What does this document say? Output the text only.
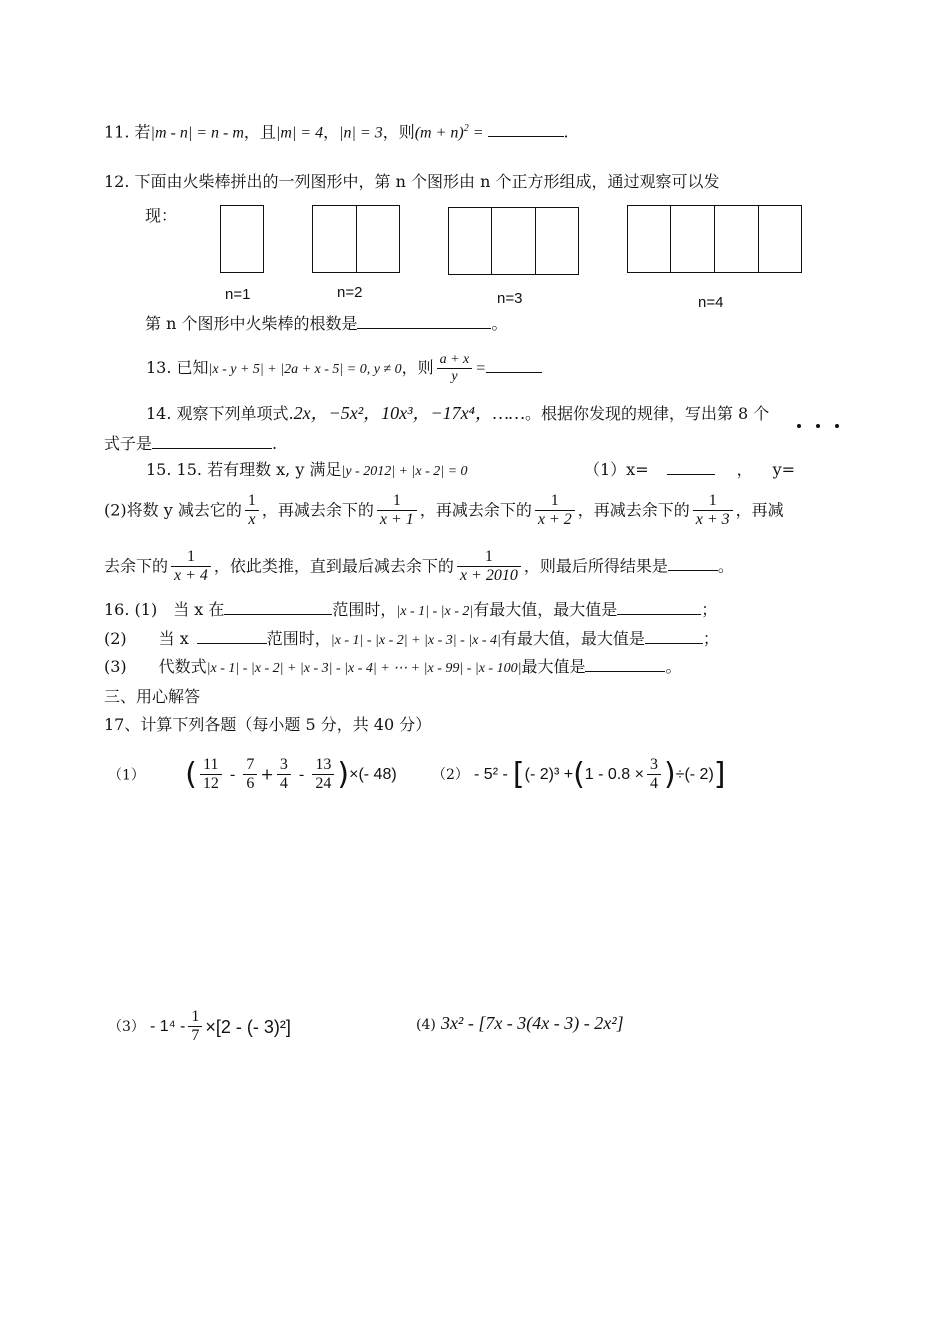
11. 若|m - n| = n - m，且|m| = 4，|n| = 3，则$(m + n)^2$ =	.
12. 下面由火柴棒拼出的一列图形中，第 n 个图形由 n 个正方形组成，通过观察可以发
现：
n=1	n=2	n=3	n=4
第 n 个图形中火柴棒的根数是	。
13. 已知|x - y + 5| + |2a + x - 5| = 0, y ≠ 0，则 $\frac{a + x}{y}$ =
14. 观察下列单项式.2x，−5x²，10x³，−17x⁴，……。根据你发现的规律，写出第 8 个
式子是	.
15. 15. 若有理数 x, y 满足|y - 2012| + |x - 2| = 0	（1）x=	， y=
(2)将数 y 减去它的 $\frac{1}{x}$ ，再减去余下的 $\frac{1}{x + 1}$ ，再减去余下的 $\frac{1}{x + 2}$ ，再减去余下的 $\frac{1}{x + 3}$ ，再减
去余下的 $\frac{1}{x + 4}$ ，依此类推，直到最后减去余下的 $\frac{1}{x + 2010}$ ，则最后所得结果是	。
16. (1)　当 x 在	范围时，|x - 1| - |x - 2|有最大值，最大值是	；
(2)　　当 x	范围时，|x - 1| - |x - 2| + |x - 3| - |x - 4|有最大值，最大值是	；
(3)　　代数式|x - 1| - |x - 2| + |x - 3| - |x - 4| + ⋯ + |x - 99| - |x - 100|最大值是	。
三、用心解答
17、计算下列各题（每小题 5 分，共 40 分）
（1） ( $\frac{11}{12} - \frac{7}{6} + \frac{3}{4} - \frac{13}{24}$ )×(- 48)	（2） - 5² - [(- $2)^3 +(1 - 0.8 \times \frac{3}{4}$ )÷(- 2)]
$(3) - 1^4 - \frac{1}{7} \times[2$ - (- 3)²]	(4) 3x² - [7x - 3(4x - 3) - 2x²]
